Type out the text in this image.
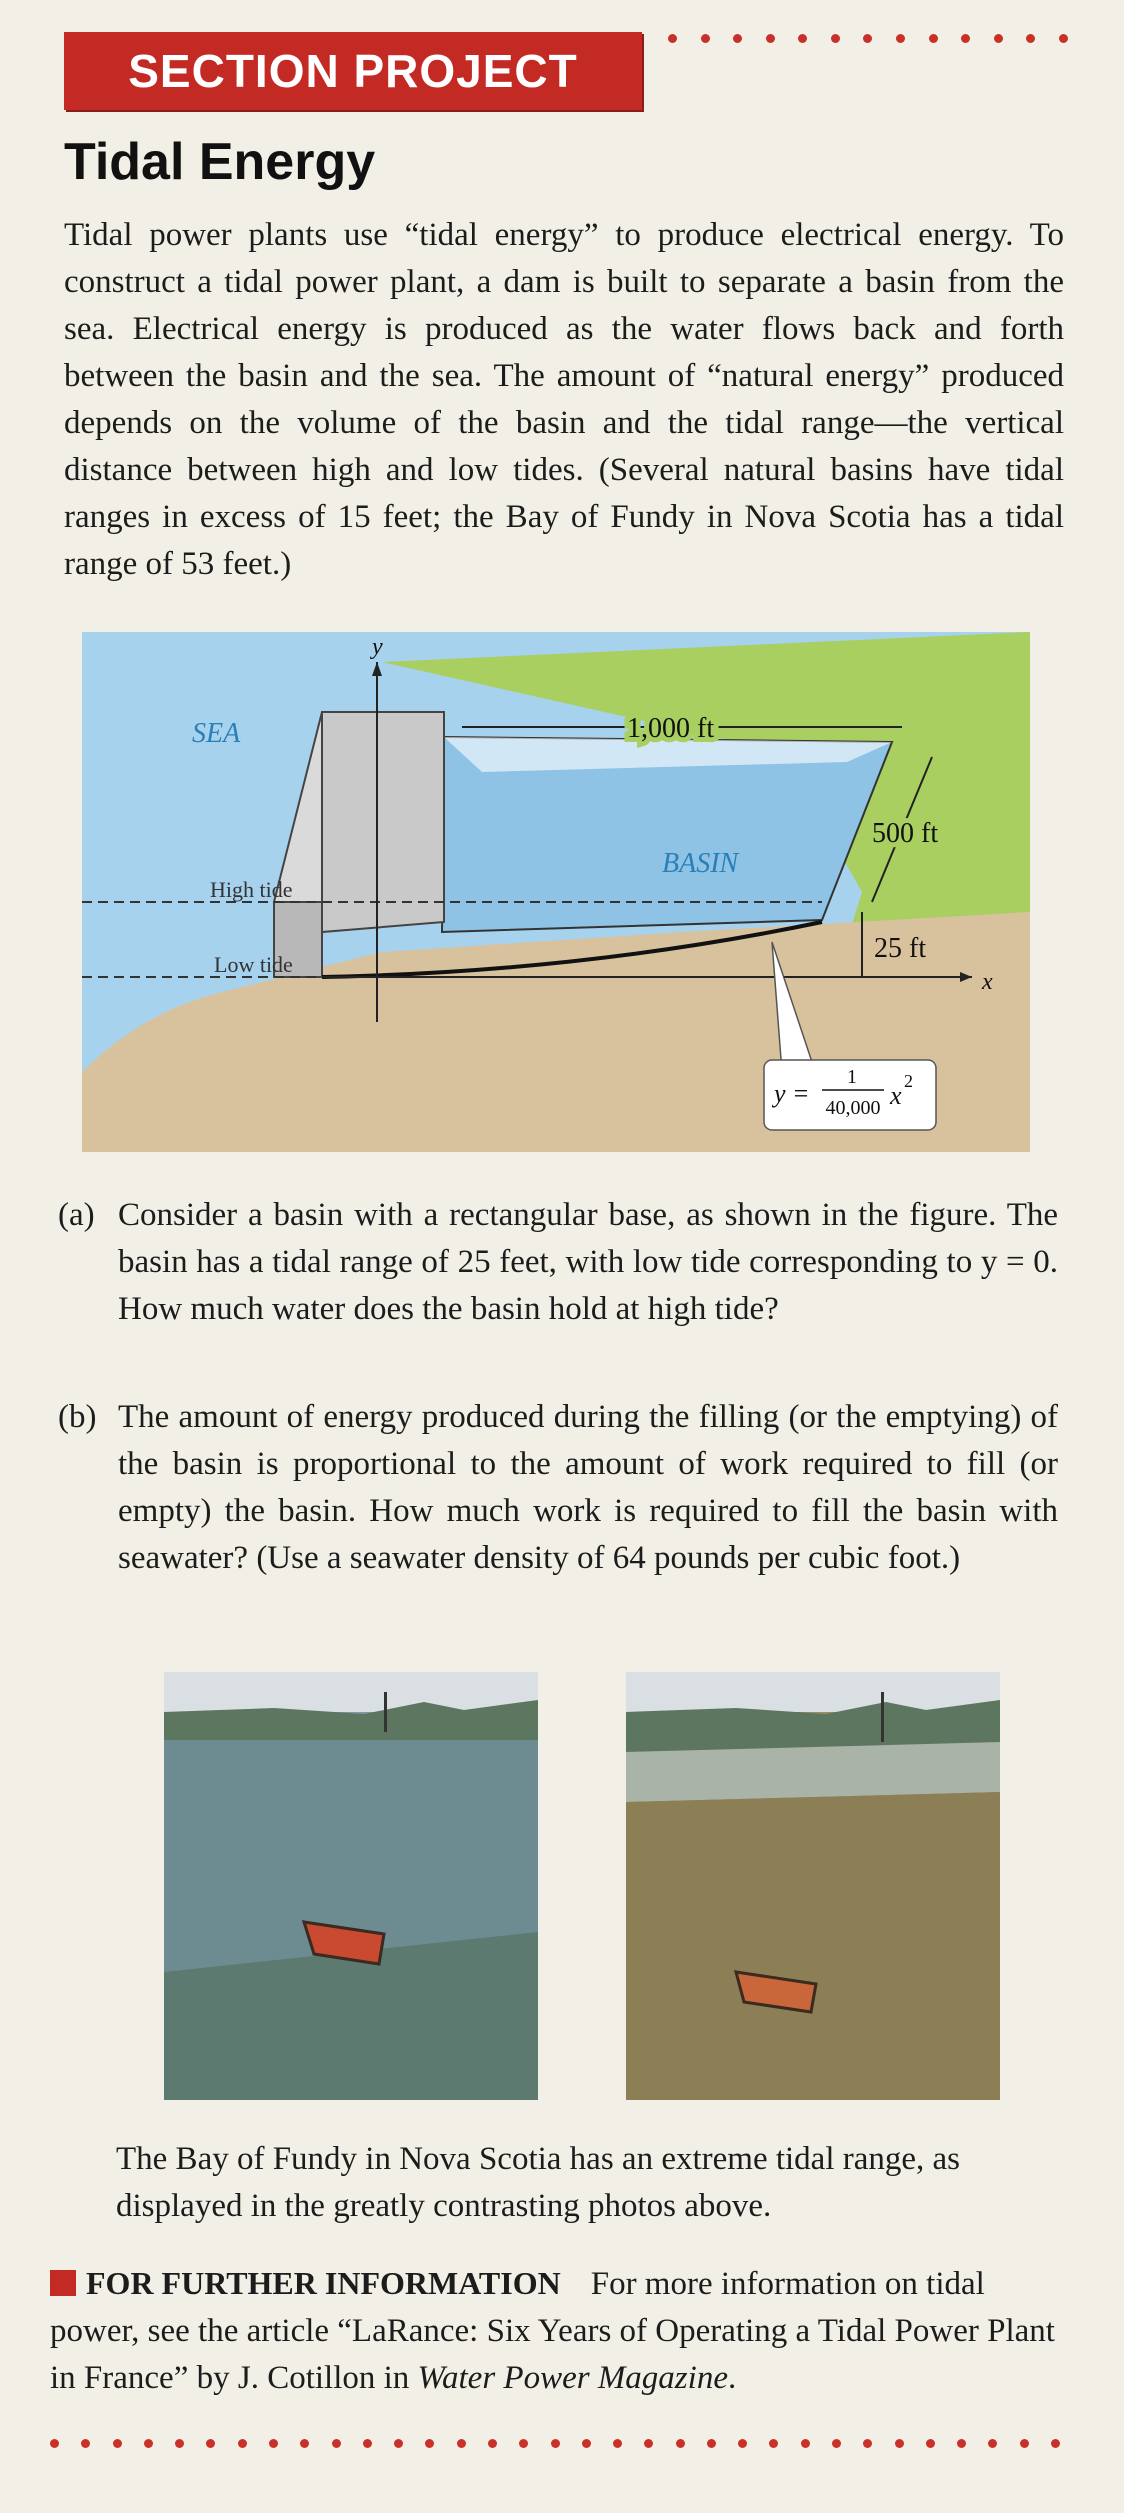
SECTION PROJECT
Tidal Energy
Tidal power plants use “tidal energy” to produce electrical energy. To construct a tidal power plant, a dam is built to separate a basin from the sea. Electrical energy is produced as the water flows back and forth between the basin and the sea. The amount of “natural energy” produced depends on the volume of the basin and the tidal range—the vertical distance between high and low tides. (Several natural basins have tidal ranges in excess of 15 feet; the Bay of Fundy in Nova Scotia has a tidal range of 53 feet.)
SEA
BASIN
High tide
Low tide
1,000 ft
500 ft
25 ft
x
y
y =
1
40,000 x 2
(a) Consider a basin with a rectangular base, as shown in the figure. The basin has a tidal range of 25 feet, with low tide corresponding to y = 0. How much water does the basin hold at high tide?
(b) The amount of energy produced during the filling (or the emptying) of the basin is proportional to the amount of work required to fill (or empty) the basin. How much work is required to fill the basin with seawater? (Use a seawater density of 64 pounds per cubic foot.)
The Bay of Fundy in Nova Scotia has an extreme tidal range, as displayed in the greatly contrasting photos above.
FOR FURTHER INFORMATION For more information on tidal power, see the article “LaRance: Six Years of Operating a Tidal Power Plant in France” by J. Cotillon in Water Power Magazine.
